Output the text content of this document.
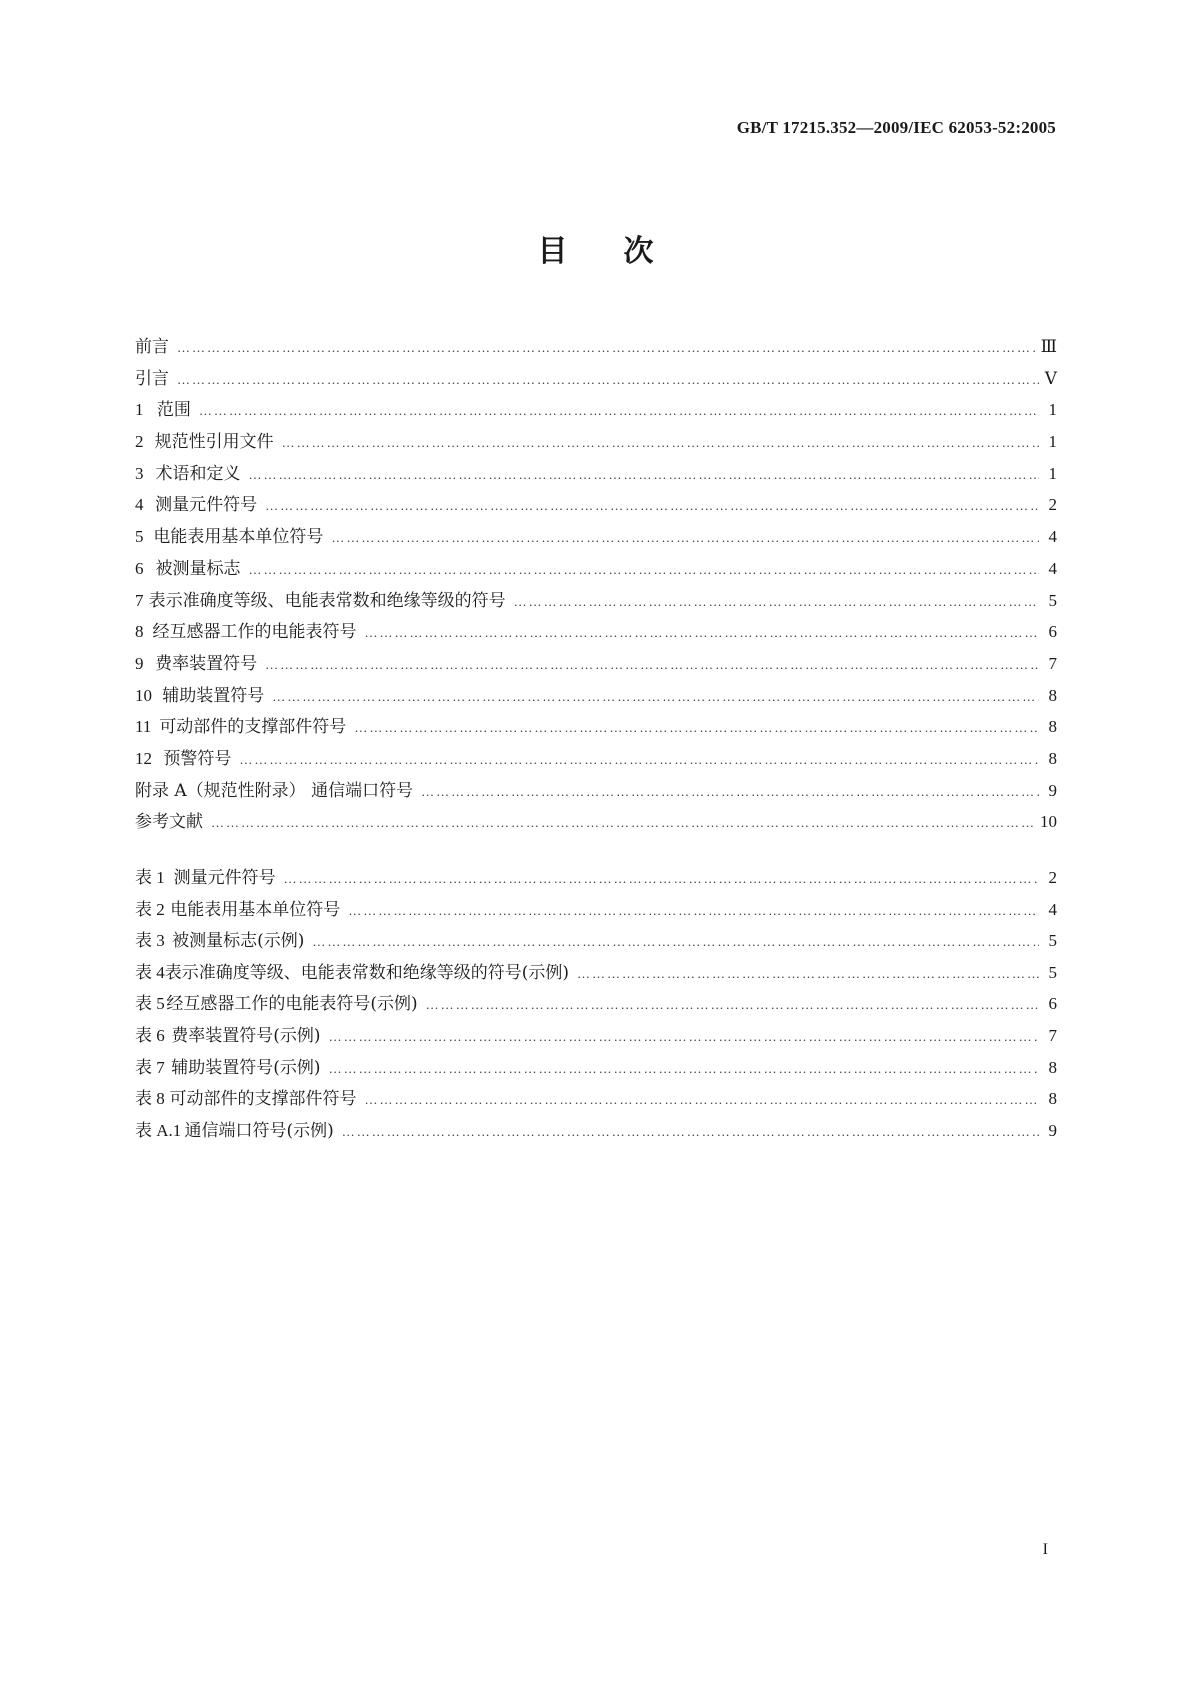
GB/T 17215.352—2009/IEC 62053-52:2005
目次
前言 ……………………………………………………………………………………………………………………………………………………………………………………………………………	Ⅲ
引言 ……………………………………………………………………………………………………………………………………………………………………………………………………………	Ⅴ
1 范围 ……………………………………………………………………………………………………………………………………………………………………………………………………………	1
2 规范性引用文件 ……………………………………………………………………………………………………………………………………………………………………………………………………………	1
3 术语和定义 ……………………………………………………………………………………………………………………………………………………………………………………………………………	1
4 测量元件符号 ……………………………………………………………………………………………………………………………………………………………………………………………………………	2
5 电能表用基本单位符号 ……………………………………………………………………………………………………………………………………………………………………………………………………………	4
6 被测量标志 ……………………………………………………………………………………………………………………………………………………………………………………………………………	4
7 表示准确度等级、电能表常数和绝缘等级的符号 ……………………………………………………………………………………………………………………………………………………………………………………………………………	5
8 经互感器工作的电能表符号 ……………………………………………………………………………………………………………………………………………………………………………………………………………	6
9 费率装置符号 ……………………………………………………………………………………………………………………………………………………………………………………………………………	7
10 辅助装置符号 ……………………………………………………………………………………………………………………………………………………………………………………………………………	8
11 可动部件的支撑部件符号 ……………………………………………………………………………………………………………………………………………………………………………………………………………	8
12 预警符号 ……………………………………………………………………………………………………………………………………………………………………………………………………………	8
附录 A（规范性附录） 通信端口符号 ……………………………………………………………………………………………………………………………………………………………………………………………………………	9
参考文献 ……………………………………………………………………………………………………………………………………………………………………………………………………………	10
表 1 测量元件符号 ……………………………………………………………………………………………………………………………………………………………………………………………………………	2
表 2 电能表用基本单位符号 ……………………………………………………………………………………………………………………………………………………………………………………………………………	4
表 3 被测量标志(示例) ……………………………………………………………………………………………………………………………………………………………………………………………………………	5
表 4 表示准确度等级、电能表常数和绝缘等级的符号(示例) ……………………………………………………………………………………………………………………………………………………………………………………………………………	5
表 5 经互感器工作的电能表符号(示例) ……………………………………………………………………………………………………………………………………………………………………………………………………………	6
表 6 费率装置符号(示例) ……………………………………………………………………………………………………………………………………………………………………………………………………………	7
表 7 辅助装置符号(示例) ……………………………………………………………………………………………………………………………………………………………………………………………………………	8
表 8 可动部件的支撑部件符号 ……………………………………………………………………………………………………………………………………………………………………………………………………………	8
表 A.1 通信端口符号(示例) ……………………………………………………………………………………………………………………………………………………………………………………………………………	9
I
